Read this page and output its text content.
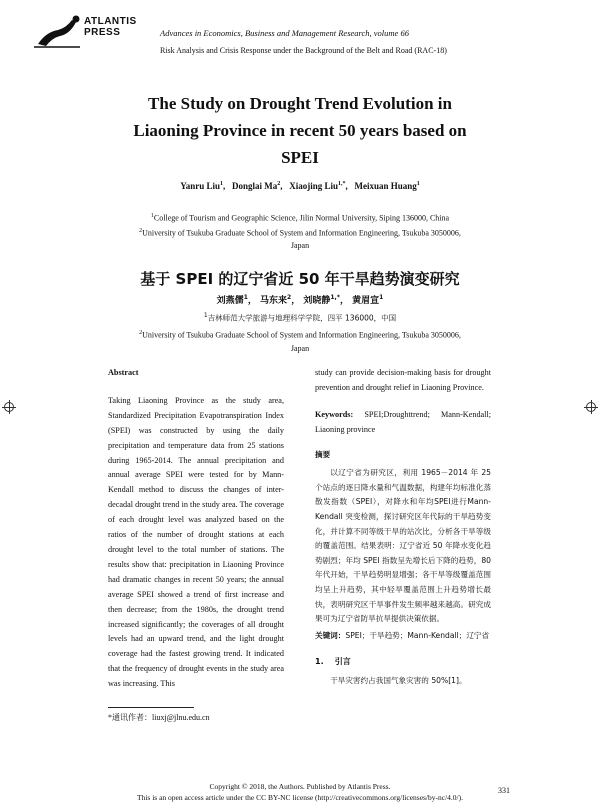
ATLANTIS
PRESS	Advances in Economics, Business and Management Research, volume 66
Risk Analysis and Crisis Response under the Background of the Belt and Road (RAC-18)
The Study on Drought Trend Evolution in
Liaoning Province in recent 50 years based on
SPEI
Yanru Liu$^1$,   Donglai Ma$^2$,   Xiaojing Liu$^{1,*}$,   Meixuan Huang$^1$
$^1$College of Tourism and Geographic Science, Jilin Normal University, Siping 136000, China
$^2$University of Tsukuba Graduate School of System and Information Engineering, Tsukuba 3050006,
Japan
基于 SPEI 的辽宁省近 50 年干旱趋势演变研究
刘燕儒$^1$， 马东来$^2$， 刘晓静$^{1,*}$， 黄眉宣$^1$
$^1$吉林师范大学旅游与地理科学学院，四平 136000，中国
$^2$University of Tsukuba Graduate School of System and Information Engineering, Tsukuba 3050006,
Japan
Abstract

Taking Liaoning Province as the study area, Standardized Precipitation Evapotranspiration Index (SPEI) was constructed by using the daily precipitation and temperature data from 25 stations during 1965-2014. The annual precipitation and annual average SPEI were tested for by Mann-Kendall method to discuss the changes of inter-decadal drought trend in the study area. The coverage of each drought level was analyzed based on the ratios of the number of drought stations at each drought level to the total number of stations. The results show that: precipitation in Liaoning Province had dramatic changes in recent 50 years; the annual average SPEI showed a trend of first increase and then decrease; from the 1980s, the drought trend increased significantly; the coverages of all drought levels had an upward trend, and the light drought coverage had the fastest growing trend. It indicated that the frequency of drought events in the study area was increasing. This

study can provide decision-making basis for drought prevention and drought relief in Liaoning Province.

Keywords: SPEI;Droughttrend; Mann-Kendall; Liaoning province

摘要

以辽宁省为研究区，利用 1965－2014 年 25 个站点的逐日降水量和气温数据，构建年均标准化蒸散发指数（SPEI），对降水和年均SPEI进行Mann-Kendall 突变检测，探讨研究区年代际的干旱趋势变化，并计算不同等级干旱的站次比，分析各干旱等级的覆盖范围。结果表明：辽宁省近 50 年降水变化趋势剧烈；年均 SPEI 指数呈先增长后下降的趋势，80 年代开始，干旱趋势明显增强；各干旱等级覆盖范围均呈上升趋势，其中轻旱覆盖范围上升趋势增长最快，表明研究区干旱事件发生频率越来越高。研究成果可为辽宁省防旱抗旱提供决策依据。

关键词：SPEI；干旱趋势；Mann-Kendall；辽宁省

1. 引言

干旱灾害约占我国气象灾害的 50%[1]。

*通讯作者：liuxj@jlnu.edu.cn
Copyright © 2018, the Authors. Published by Atlantis Press.
This is an open access article under the CC BY-NC license (http://creativecommons.org/licenses/by-nc/4.0/).
331
